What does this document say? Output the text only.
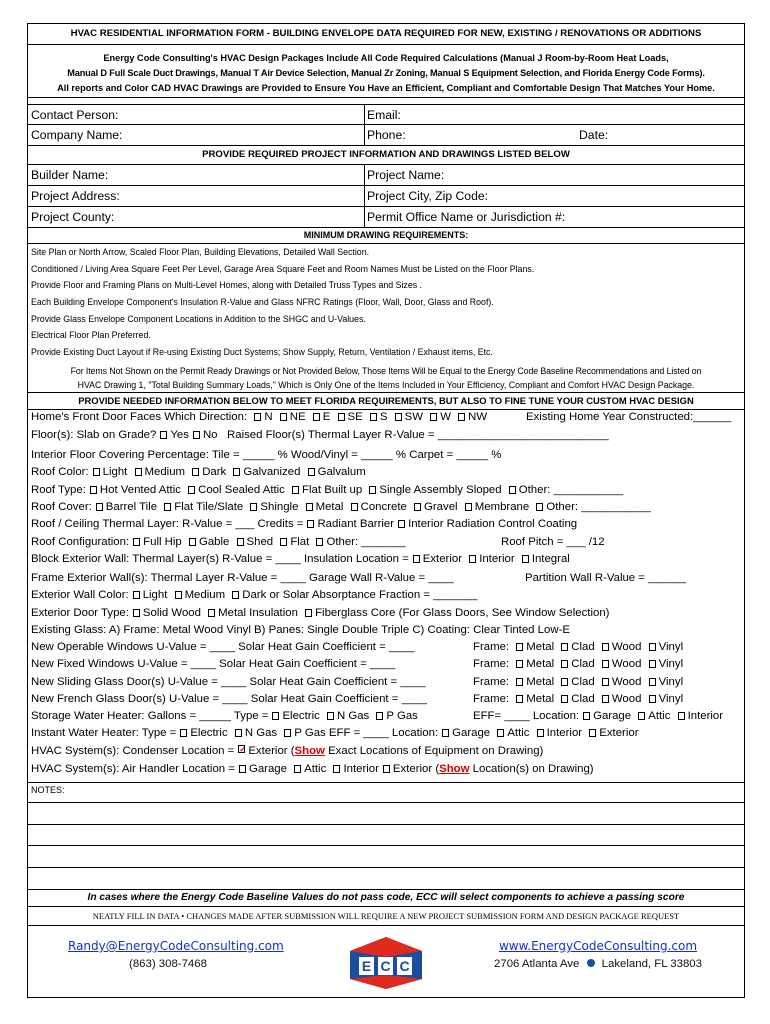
HVAC RESIDENTIAL INFORMATION FORM - BUILDING ENVELOPE DATA REQUIRED FOR NEW, EXISTING / RENOVATIONS OR ADDITIONS
Energy Code Consulting's HVAC Design Packages Include All Code Required Calculations (Manual J Room-by-Room Heat Loads,
Manual D Full Scale Duct Drawings, Manual T Air Device Selection, Manual Zr Zoning, Manual S Equipment Selection, and Florida Energy Code Forms).
All reports and Color CAD HVAC Drawings are Provided to Ensure You Have an Efficient, Compliant and Comfortable Design That Matches Your Home.
Contact Person:	Email:
Company Name:	Phone:	Date:
PROVIDE REQUIRED PROJECT INFORMATION AND DRAWINGS LISTED BELOW
Builder Name:	Project Name:
Project Address:	Project City, Zip Code:
Project County:	Permit Office Name or Jurisdiction #:
MINIMUM DRAWING REQUIREMENTS:
Site Plan or North Arrow, Scaled Floor Plan, Building Elevations, Detailed Wall Section.
Conditioned / Living Area Square Feet Per Level, Garage Area Square Feet and Room Names Must be Listed on the Floor Plans.
Provide Floor and Framing Plans on Multi-Level Homes, along with Detailed Truss Types and Sizes .
Each Building Envelope Component's Insulation R-Value and Glass NFRC Ratings (Floor, Wall, Door, Glass and Roof).
Provide Glass Envelope Component Locations in Addition to the SHGC and U-Values.
Electrical Floor Plan Preferred.
Provide Existing Duct Layout if Re-using Existing Duct Systems; Show Supply, Return, Ventilation / Exhaust items, Etc.
For Items Not Shown on the Permit Ready Drawings or Not Provided Below, Those Items Will be Equal to the Energy Code Baseline Recommendations and Listed on
HVAC Drawing 1, "Total Building Summary Loads," Which is Only One of the Items Included in Your Efficiency, Compliant and Comfort HVAC Design Package.
PROVIDE NEEDED INFORMATION BELOW TO MEET FLORIDA REQUIREMENTS, BUT ALSO TO FINE TUNE YOUR CUSTOM HVAC DESIGN
Home's Front Door Faces Which Direction: N NE E SE S SW W NW	Existing Home Year Constructed:______
Floor(s): Slab on Grade? Yes No Raised Floor(s) Thermal Layer R-Value = ___________________________
Interior Floor Covering Percentage: Tile = _____ % Wood/Vinyl = _____ % Carpet = _____ %
Roof Color: Light Medium Dark Galvanized Galvalum
Roof Type: Hot Vented Attic Cool Sealed Attic Flat Built up Single Assembly Sloped Other: ___________
Roof Cover: Barrel Tile Flat Tile/Slate Shingle Metal Concrete Gravel Membrane Other: ___________
Roof / Ceiling Thermal Layer: R-Value = ___ Credits = Radiant Barrier Interior Radiation Control Coating
Roof Configuration: Full Hip Gable Shed Flat Other: _______	Roof Pitch = ___ /12
Block Exterior Wall: Thermal Layer(s) R-Value = ____ Insulation Location = Exterior Interior Integral
Frame Exterior Wall(s): Thermal Layer R-Value = ____ Garage Wall R-Value = ____	Partition Wall R-Value = ______
Exterior Wall Color: Light Medium Dark or Solar Absorptance Fraction = _______
Exterior Door Type: Solid Wood Metal Insulation Fiberglass Core (For Glass Doors, See Window Selection)
Existing Glass: A) Frame: Metal Wood Vinyl B) Panes: Single Double Triple C) Coating: Clear Tinted Low-E
New Operable Windows U-Value = ____ Solar Heat Gain Coefficient = ____	Frame: Metal Clad Wood Vinyl
New Fixed Windows U-Value = ____ Solar Heat Gain Coefficient = ____	Frame: Metal Clad Wood Vinyl
New Sliding Glass Door(s) U-Value = ____ Solar Heat Gain Coefficient = ____	Frame: Metal Clad Wood Vinyl
New French Glass Door(s) U-Value = ____ Solar Heat Gain Coefficient = ____	Frame: Metal Clad Wood Vinyl
Storage Water Heater: Gallons = _____ Type = Electric N Gas P Gas	EFF= ____ Location: Garage Attic Interior
Instant Water Heater: Type = Electric N Gas P Gas EFF = ____ Location: Garage Attic Interior Exterior
HVAC System(s): Condenser Location =✓ Exterior (Show Exact Locations of Equipment on Drawing)
HVAC System(s): Air Handler Location = Garage Attic Interior Exterior (Show Location(s) on Drawing)
NOTES:
In cases where the Energy Code Baseline Values do not pass code, ECC will select components to achieve a passing score
NEATLY FILL IN DATA • CHANGES MADE AFTER SUBMISSION WILL REQUIRE A NEW PROJECT SUBMISSION FORM AND DESIGN PACKAGE REQUEST
Randy@EnergyCodeConsulting.com
(863) 308-7468	E C C
www.EnergyCodeConsulting.com
2706 Atlanta Ave Lakeland, FL 33803
